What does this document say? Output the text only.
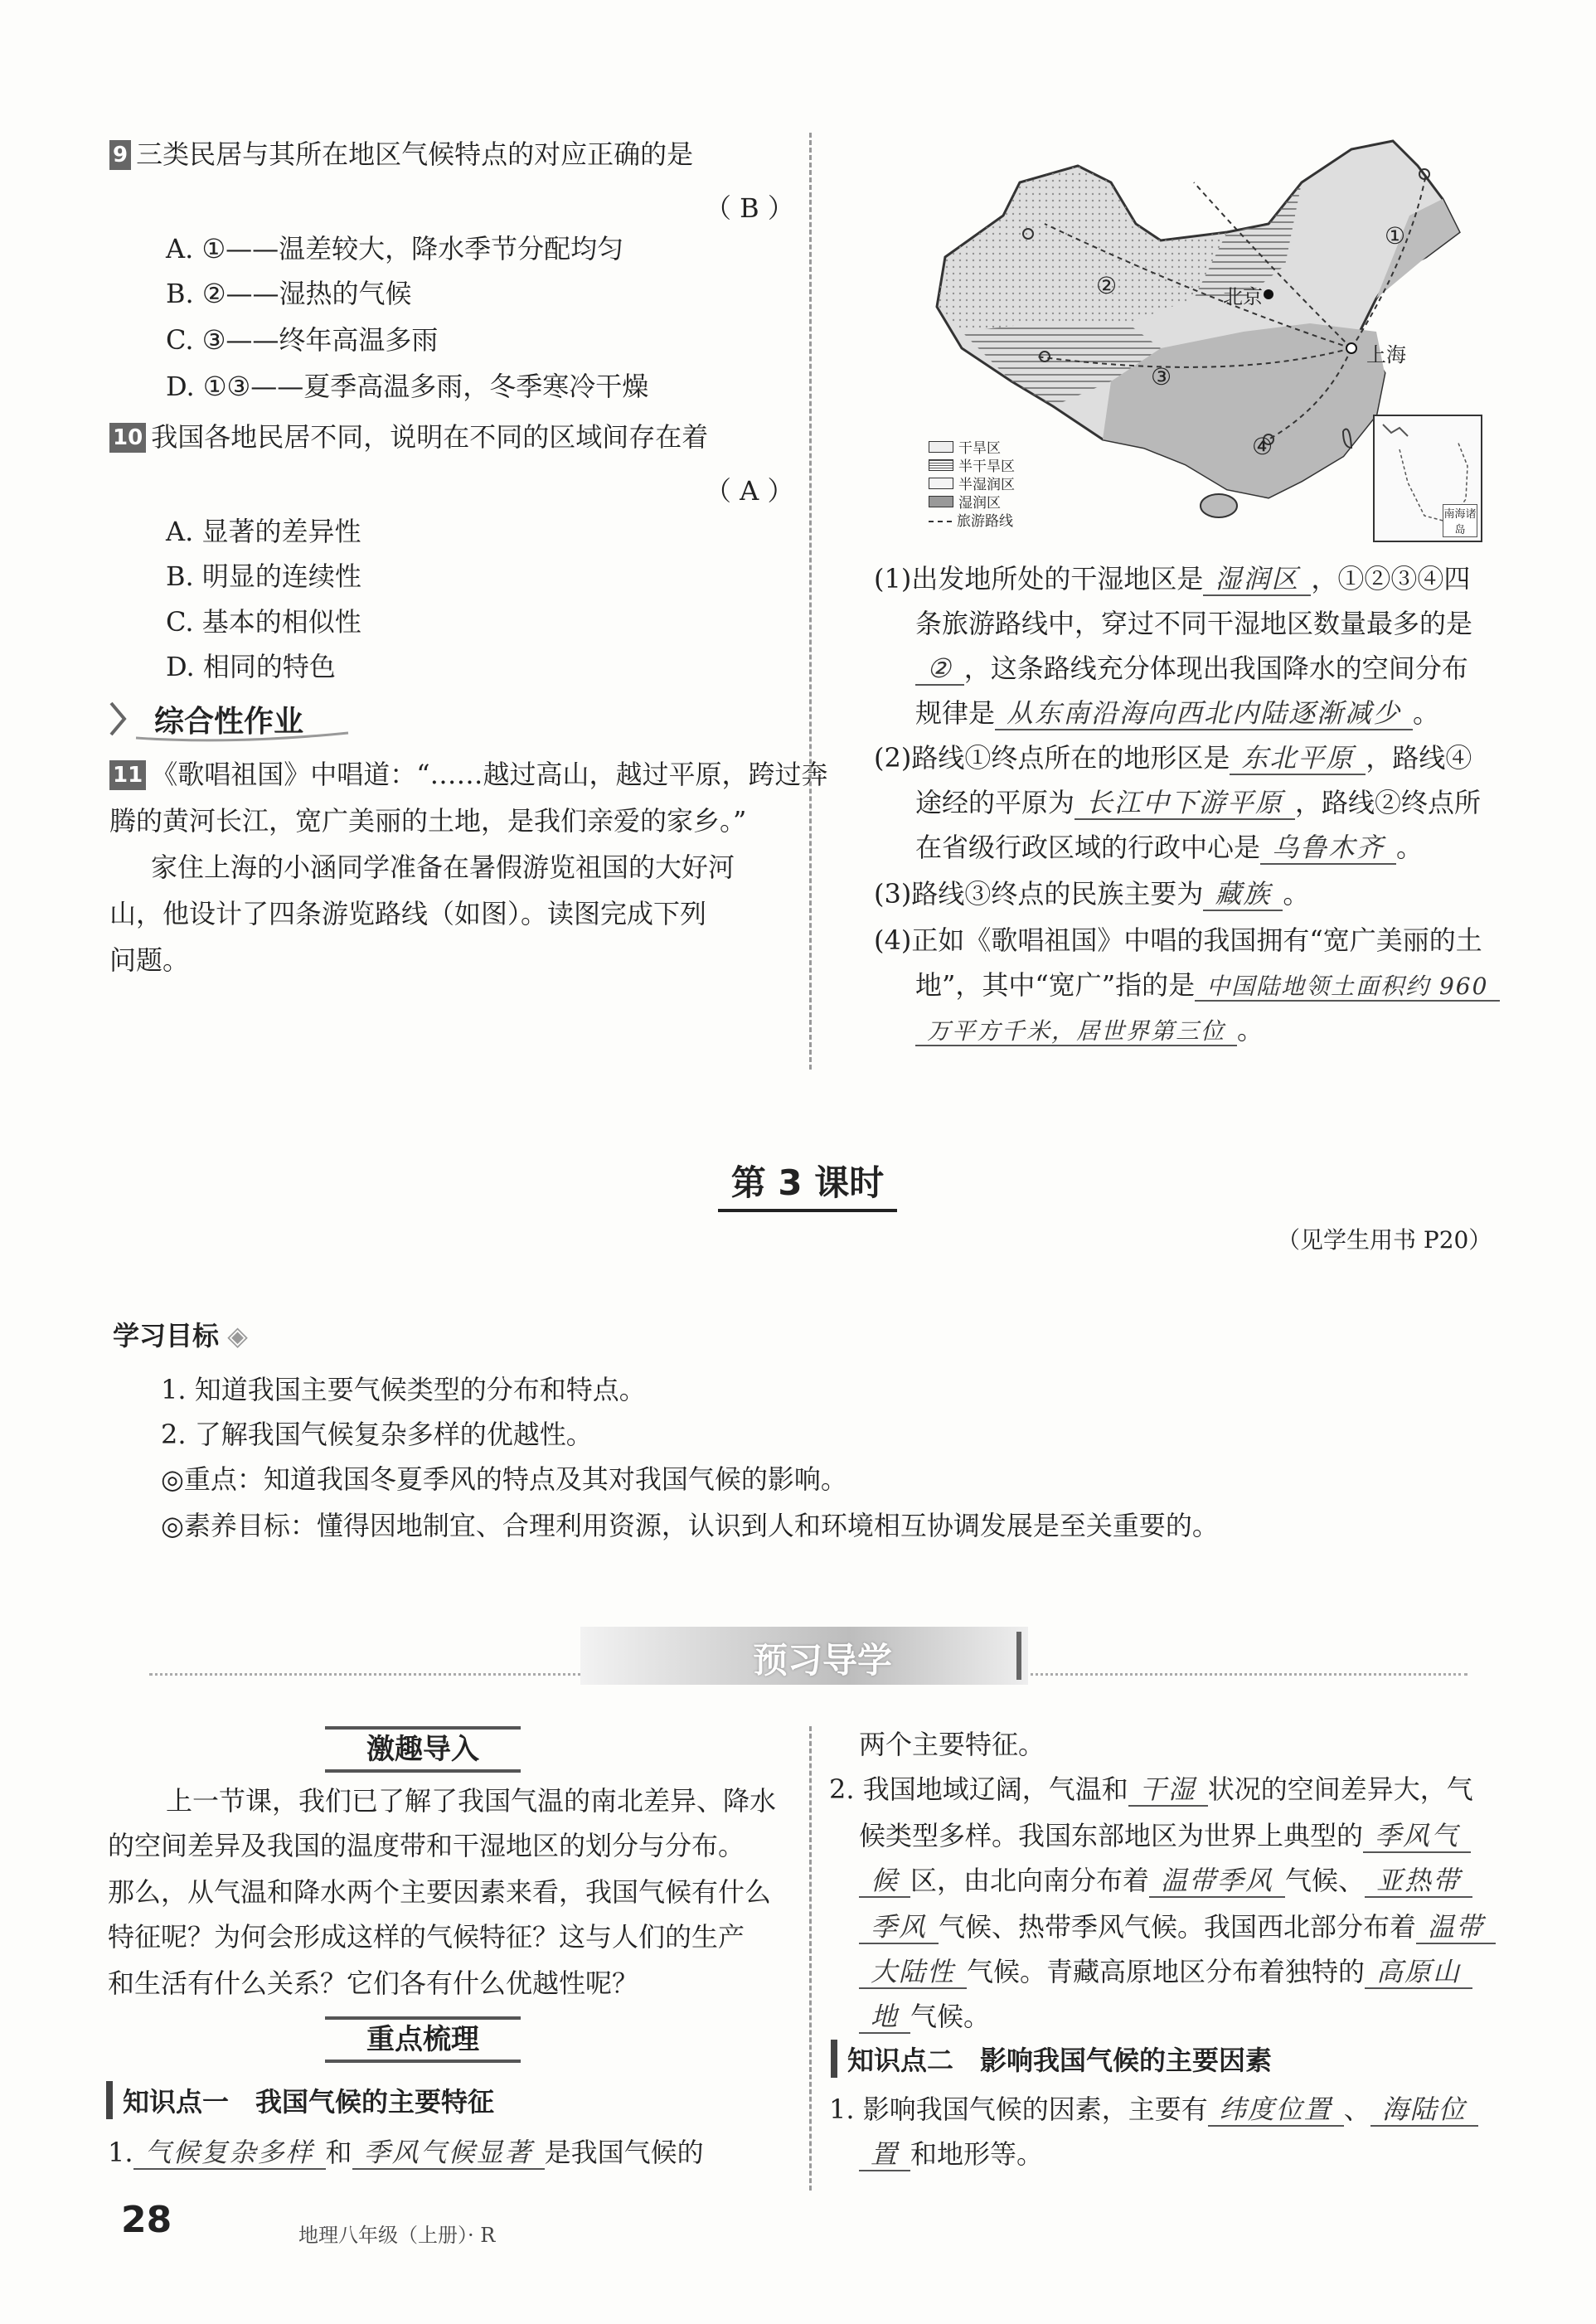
9 三类民居与其所在地区气候特点的对应正确的是
（ B ）
A. ①——温差较大，降水季节分配均匀
B. ②——湿热的气候
C. ③——终年高温多雨
D. ①③——夏季高温多雨，冬季寒冷干燥
10 我国各地民居不同，说明在不同的区域间存在着
（ A ）
A. 显著的差异性
B. 明显的连续性
C. 基本的相似性
D. 相同的特色
综合性作业
11 《歌唱祖国》中唱道：“……越过高山，越过平原，跨过奔
腾的黄河长江，宽广美丽的土地，是我们亲爱的家乡。”
家住上海的小涵同学准备在暑假游览祖国的大好河
山，他设计了四条游览路线（如图）。读图完成下列
问题。
北京
上海
①
②
③
④
干旱区
半干旱区
半湿润区
湿润区
旅游路线	南海诸岛
(1)出发地所处的干湿地区是 湿润区 ，①②③④四
条旅游路线中，穿过不同干湿地区数量最多的是
② ，这条路线充分体现出我国降水的空间分布
规律是 从东南沿海向西北内陆逐渐减少 。
(2)路线①终点所在的地形区是 东北平原 ，路线④
途经的平原为 长江中下游平原 ，路线②终点所
在省级行政区域的行政中心是 乌鲁木齐 。
(3)路线③终点的民族主要为 藏族 。
(4)正如《歌唱祖国》中唱的我国拥有“宽广美丽的土
地”，其中“宽广”指的是 中国陆地领土面积约 960
万平方千米，居世界第三位 。
第 3 课时
（见学生用书 P20）
学习目标 ◈
1. 知道我国主要气候类型的分布和特点。
2. 了解我国气候复杂多样的优越性。
◎重点：知道我国冬夏季风的特点及其对我国气候的影响。
◎素养目标：懂得因地制宜、合理利用资源，认识到人和环境相互协调发展是至关重要的。
预习导学
激趣导入
上一节课，我们已了解了我国气温的南北差异、降水
的空间差异及我国的温度带和干湿地区的划分与分布。
那么，从气温和降水两个主要因素来看，我国气候有什么
特征呢？为何会形成这样的气候特征？这与人们的生产
和生活有什么关系？它们各有什么优越性呢？
重点梳理
知识点一　我国气候的主要特征
1. 气候复杂多样 和 季风气候显著 是我国气候的
两个主要特征。
2. 我国地域辽阔，气温和 干湿 状况的空间差异大，气
候类型多样。我国东部地区为世界上典型的 季风气
候 区，由北向南分布着 温带季风 气候、 亚热带
季风 气候、热带季风气候。我国西北部分布着 温带
大陆性 气候。青藏高原地区分布着独特的 高原山
地 气候。
知识点二　影响我国气候的主要因素
1. 影响我国气候的因素，主要有 纬度位置 、 海陆位
置 和地形等。
28	地理八年级（上册）· R
